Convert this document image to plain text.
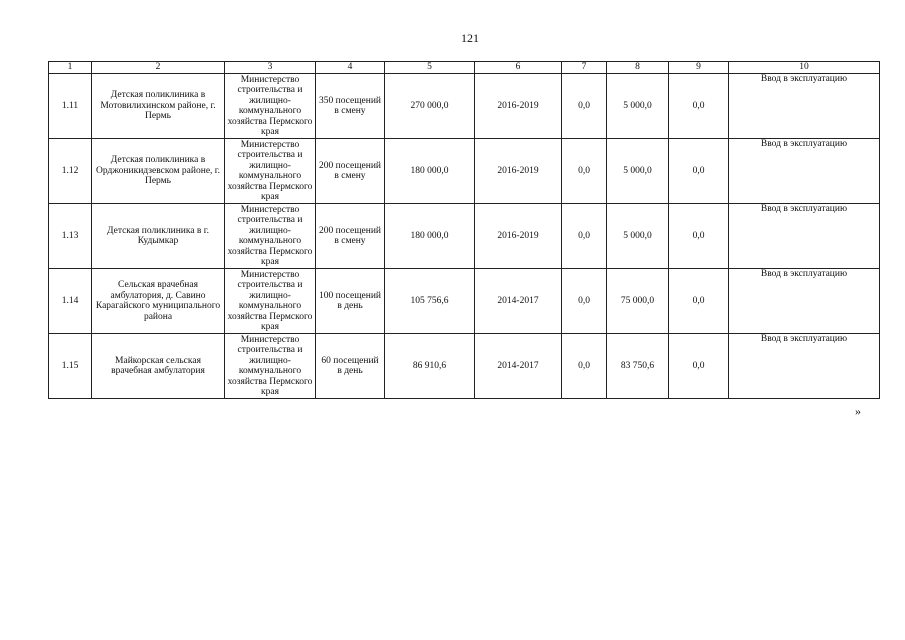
121
1	2	3	4	5	6	7	8	9	10
1.11	Детская поликлиника в Мотовилихинском районе, г. Пермь	Министерство строительства и жилищно-коммунального хозяйства Пермского края	350 посещений в смену	270 000,0	2016-2019	0,0	5 000,0	0,0	Ввод в эксплуатацию
1.12	Детская поликлиника в Орджоникидзевском районе, г. Пермь	Министерство строительства и жилищно-коммунального хозяйства Пермского края	200 посещений в смену	180 000,0	2016-2019	0,0	5 000,0	0,0	Ввод в эксплуатацию
1.13	Детская поликлиника в г. Кудымкар	Министерство строительства и жилищно-коммунального хозяйства Пермского края	200 посещений в смену	180 000,0	2016-2019	0,0	5 000,0	0,0	Ввод в эксплуатацию
1.14	Сельская врачебная амбулатория, д. Савино Карагайского муниципального района	Министерство строительства и жилищно-коммунального хозяйства Пермского края	100 посещений в день	105 756,6	2014-2017	0,0	75 000,0	0,0	Ввод в эксплуатацию
1.15	Майкорская сельская врачебная амбулатория	Министерство строительства и жилищно-коммунального хозяйства Пермского края	60 посещений в день	86 910,6	2014-2017	0,0	83 750,6	0,0	Ввод в эксплуатацию
»
